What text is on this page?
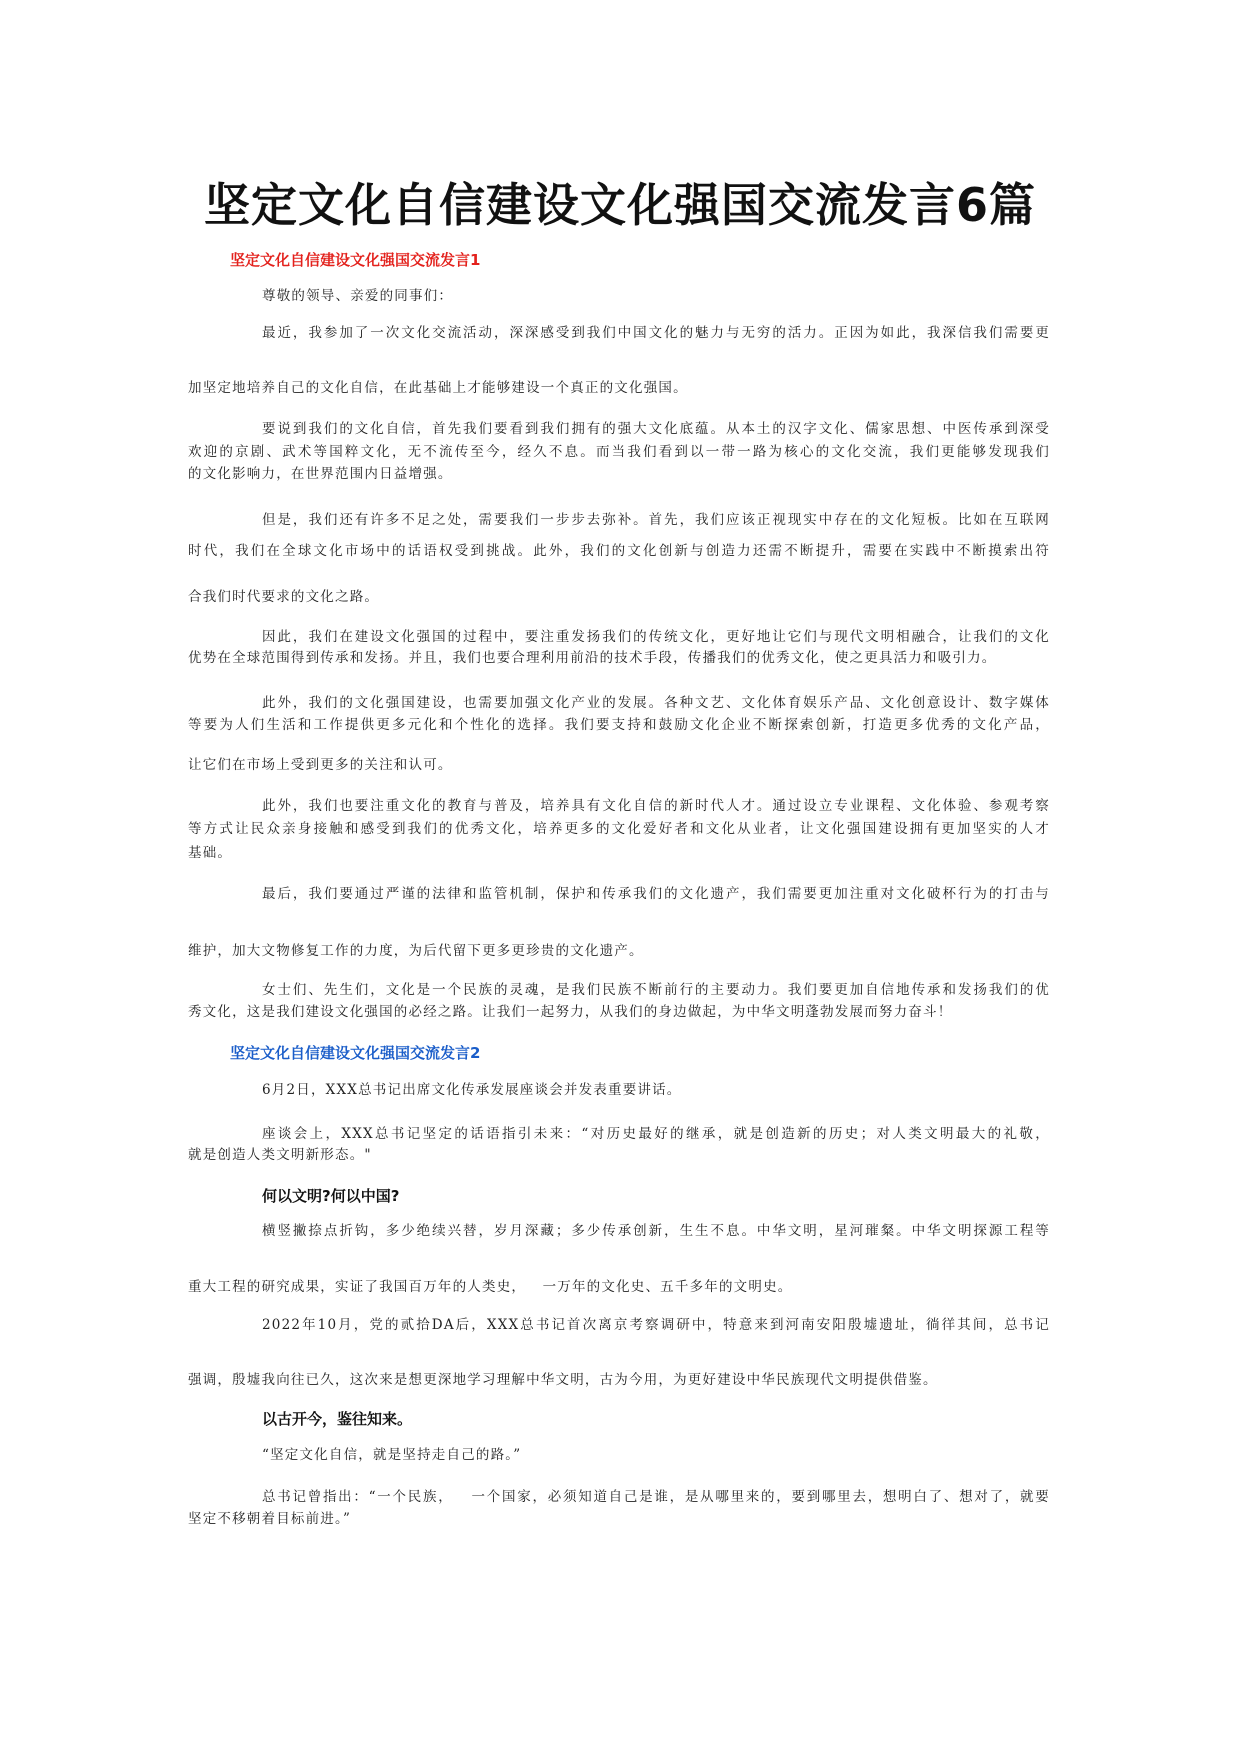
坚定文化自信建设文化强国交流发言6篇
坚定文化自信建设文化强国交流发言1
尊敬的领导、亲爱的同事们：
最近，我参加了一次文化交流活动，深深感受到我们中国文化的魅力与无穷的活力。正因为如此，我深信我们需要更
加坚定地培养自己的文化自信，在此基础上才能够建设一个真正的文化强国。
要说到我们的文化自信，首先我们要看到我们拥有的强大文化底蕴。从本土的汉字文化、儒家思想、中医传承到深受
欢迎的京剧、武术等国粹文化，无不流传至今，经久不息。而当我们看到以一带一路为核心的文化交流，我们更能够发现我们
的文化影响力，在世界范围内日益增强。
但是，我们还有许多不足之处，需要我们一步步去弥补。首先，我们应该正视现实中存在的文化短板。比如在互联网
时代，我们在全球文化市场中的话语权受到挑战。此外，我们的文化创新与创造力还需不断提升，需要在实践中不断摸索出符
合我们时代要求的文化之路。
因此，我们在建设文化强国的过程中，要注重发扬我们的传统文化，更好地让它们与现代文明相融合，让我们的文化
优势在全球范围得到传承和发扬。并且，我们也要合理利用前沿的技术手段，传播我们的优秀文化，使之更具活力和吸引力。
此外，我们的文化强国建设，也需要加强文化产业的发展。各种文艺、文化体育娱乐产品、文化创意设计、数字媒体
等要为人们生活和工作提供更多元化和个性化的选择。我们要支持和鼓励文化企业不断探索创新，打造更多优秀的文化产品，
让它们在市场上受到更多的关注和认可。
此外，我们也要注重文化的教育与普及，培养具有文化自信的新时代人才。通过设立专业课程、文化体验、参观考察
等方式让民众亲身接触和感受到我们的优秀文化，培养更多的文化爱好者和文化从业者，让文化强国建设拥有更加坚实的人才
基础。
最后，我们要通过严谨的法律和监管机制，保护和传承我们的文化遗产，我们需要更加注重对文化破杯行为的打击与
维护，加大文物修复工作的力度，为后代留下更多更珍贵的文化遗产。
女士们、先生们，文化是一个民族的灵魂，是我们民族不断前行的主要动力。我们要更加自信地传承和发扬我们的优
秀文化，这是我们建设文化强国的必经之路。让我们一起努力，从我们的身边做起，为中华文明蓬勃发展而努力奋斗！
坚定文化自信建设文化强国交流发言2
6月2日，XXX总书记出席文化传承发展座谈会并发表重要讲话。
座谈会上，XXX总书记坚定的话语指引未来：“对历史最好的继承，就是创造新的历史；对人类文明最大的礼敬，
就是创造人类文明新形态。"
何以文明?何以中国?
横竖撇捺点折钩，多少绝续兴替，岁月深藏；多少传承创新，生生不息。中华文明，星河璀粲。中华文明探源工程等
重大工程的研究成果，实证了我国百万年的人类史，   一万年的文化史、五千多年的文明史。
2022年10月，党的贰拾DA后，XXX总书记首次离京考察调研中，特意来到河南安阳殷墟遗址，徜徉其间，总书记
强调，殷墟我向往已久，这次来是想更深地学习理解中华文明，古为今用，为更好建设中华民族现代文明提供借鉴。
以古开今，鉴往知来。
“坚定文化自信，就是坚持走自己的路。”
总书记曾指出：“一个民族，   一个国家，必须知道自己是谁，是从哪里来的，要到哪里去，想明白了、想对了，就要
坚定不移朝着目标前进。”
